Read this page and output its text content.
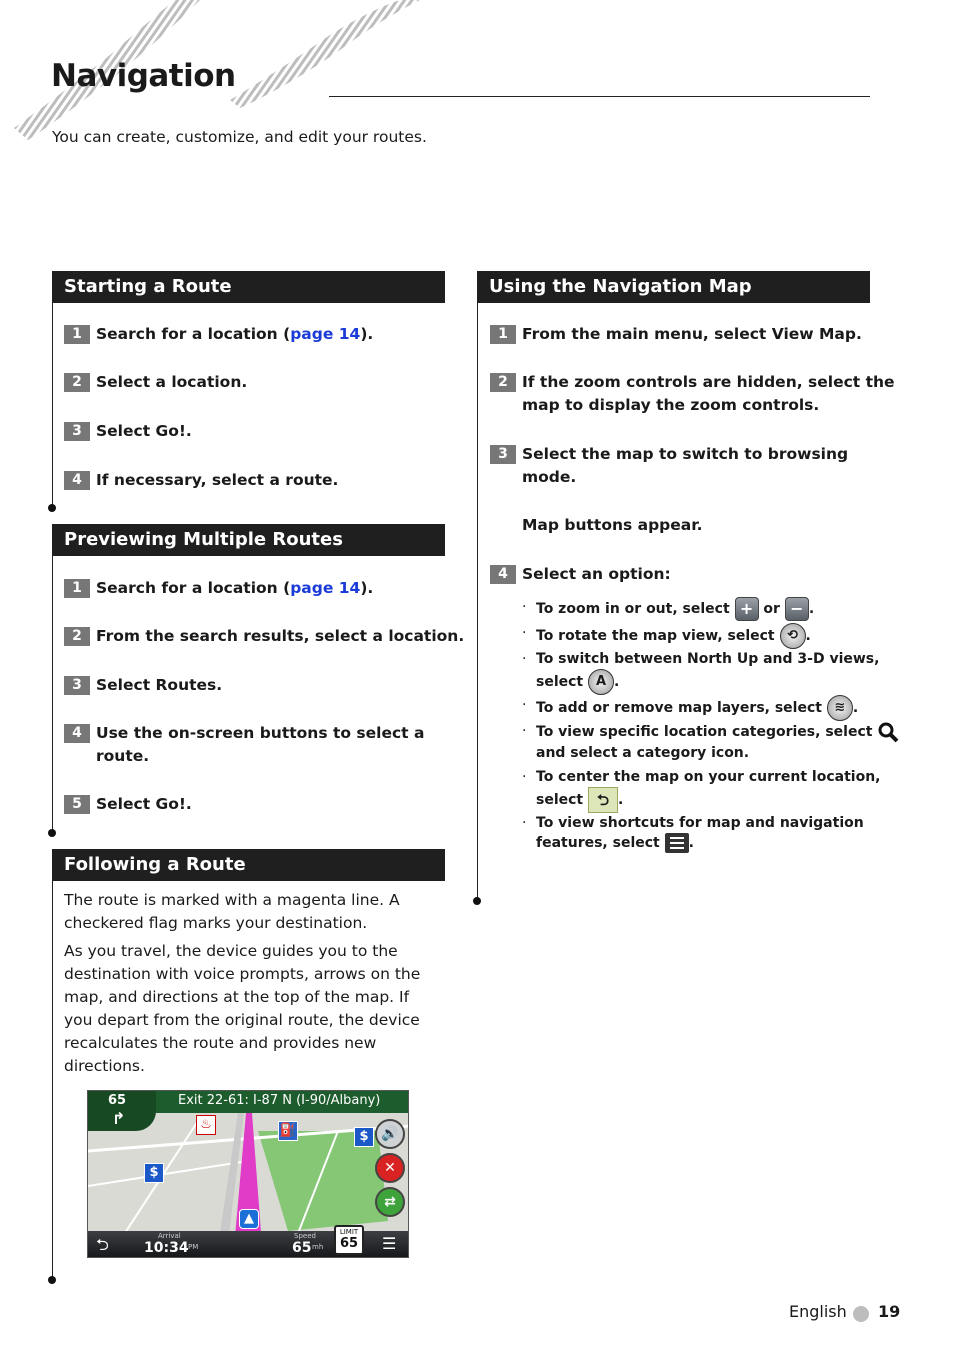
Navigation
You can create, customize, and edit your routes.
Starting a Route
1 Search for a location (page 14).
2 Select a location.
3 Select Go!.
4 If necessary, select a route.
Previewing Multiple Routes
1 Search for a location (page 14).
2 From the search results, select a location.
3 Select Routes.
4 Use the on-screen buttons to select a
route.
5 Select Go!.
Following a Route
The route is marked with a magenta line. A
checkered flag marks your destination.
As you travel, the device guides you to the
destination with voice prompts, arrows on the
map, and directions at the top of the map. If
you depart from the original route, the device
recalculates the route and provides new
directions.
Exit 22-61: I-87 N (I-90/Albany)
65
↱
$
$
⛽
♨
▲
🔊
✕
⇄
⮌	Arrival
10:34 PM
Speed
65 mh
LIMIT
65 ☰
Using the Navigation Map
1 From the main menu, select View Map.
2 If the zoom controls are hidden, select the
map to display the zoom controls.
3 Select the map to switch to browsing
mode.
Map buttons appear.
4 Select an option:
· To zoom in or out, select + or − .
· To rotate the map view, select ⟲ .
· To switch between North Up and 3-D views,
select A .
· To add or remove map layers, select ≋ .
· To view specific location categories, select
and select a category icon.
· To center the map on your current location,
select ⮌ .
· To view shortcuts for map and navigation
features, select .
English 19
